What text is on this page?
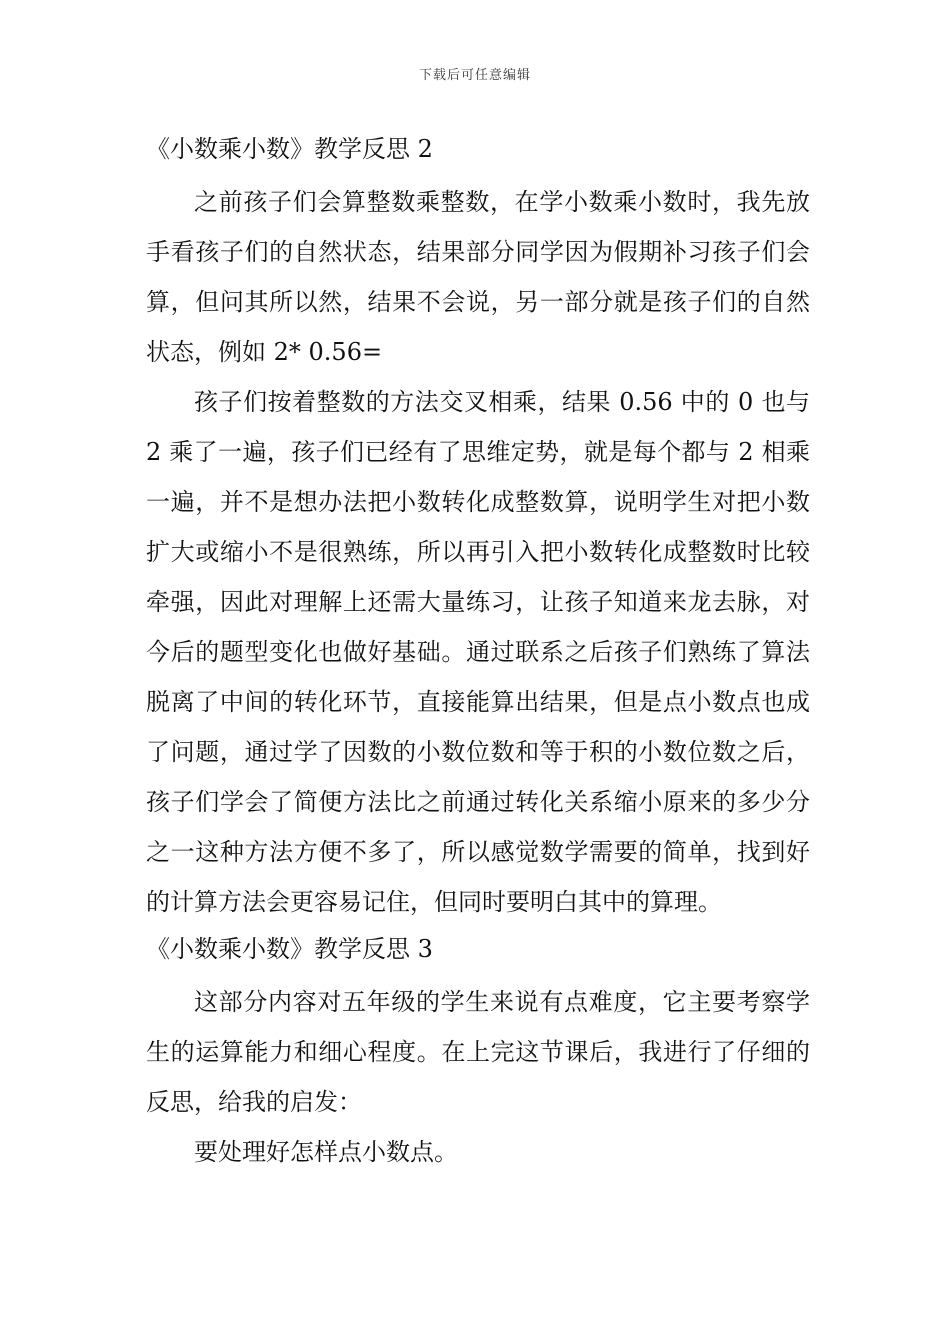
下载后可任意编辑
《小数乘小数》教学反思 2

之前孩子们会算整数乘整数，在学小数乘小数时，我先放手看孩子们的自然状态，结果部分同学因为假期补习孩子们会算，但问其所以然，结果不会说，另一部分就是孩子们的自然状态，例如 2* 0.56=

孩子们按着整数的方法交叉相乘，结果 0.56 中的 0 也与 2 乘了一遍，孩子们已经有了思维定势，就是每个都与 2 相乘一遍，并不是想办法把小数转化成整数算，说明学生对把小数扩大或缩小不是很熟练，所以再引入把小数转化成整数时比较牵强，因此对理解上还需大量练习，让孩子知道来龙去脉，对今后的题型变化也做好基础。通过联系之后孩子们熟练了算法脱离了中间的转化环节，直接能算出结果，但是点小数点也成了问题，通过学了因数的小数位数和等于积的小数位数之后，孩子们学会了简便方法比之前通过转化关系缩小原来的多少分之一这种方法方便不多了，所以感觉数学需要的简单，找到好的计算方法会更容易记住，但同时要明白其中的算理。

《小数乘小数》教学反思 3

这部分内容对五年级的学生来说有点难度，它主要考察学生的运算能力和细心程度。在上完这节课后，我进行了仔细的反思，给我的启发：

要处理好怎样点小数点。
